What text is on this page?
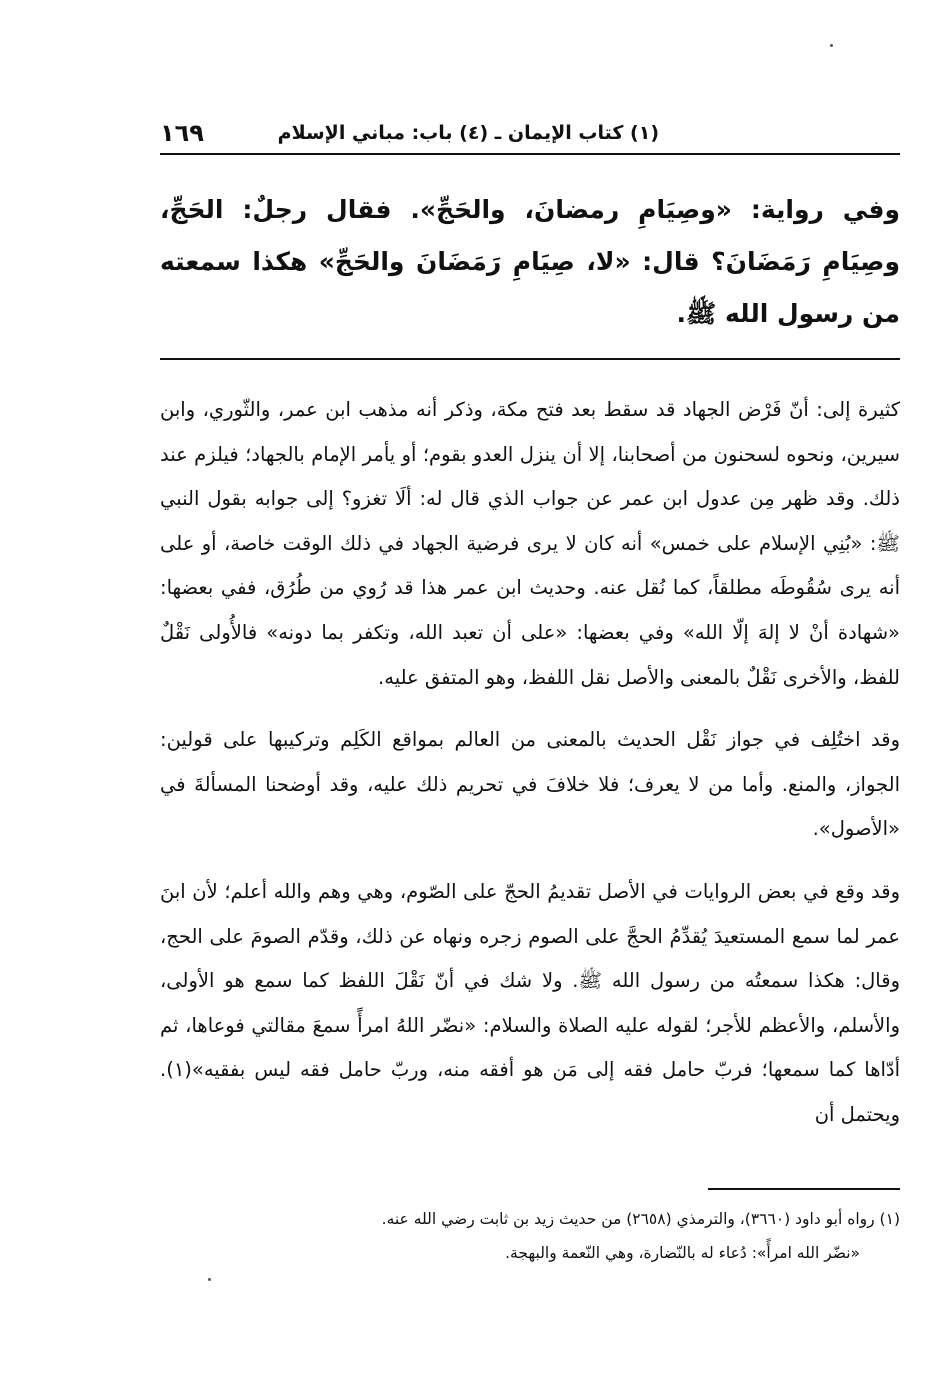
(١) كتاب الإيمان ـ (٤) باب: مباني الإسلام
١٦٩

وفي رواية: «وصِيَامِ رمضانَ، والحَجِّ». فقال رجلٌ: الحَجِّ، وصِيَامِ رَمَضَانَ؟ قال: «لا، صِيَامِ رَمَضَانَ والحَجِّ» هكذا سمعته من رسول الله ﷺ.

كثيرة إلى: أنّ فَرْض الجهاد قد سقط بعد فتح مكة، وذكر أنه مذهب ابن عمر، والثّوري، وابن سيرين، ونحوه لسحنون من أصحابنا، إلا أن ينزل العدو بقوم؛ أو يأمر الإمام بالجهاد؛ فيلزم عند ذلك. وقد ظهر مِن عدول ابن عمر عن جواب الذي قال له: ألَا تغزو؟ إلى جوابه بقول النبي ﷺ: «بُنِي الإسلام على خمس» أنه كان لا يرى فرضية الجهاد في ذلك الوقت خاصة، أو على أنه يرى سُقُوطَه مطلقاً، كما نُقل عنه. وحديث ابن عمر هذا قد رُوي من طُرُق، ففي بعضها: «شهادة أنْ لا إلهَ إلّا الله» وفي بعضها: «على أن تعبد الله، وتكفر بما دونه» فالأُولى نَقْلٌ للفظ، والأخرى نَقْلٌ بالمعنى والأصل نقل اللفظ، وهو المتفق عليه.

وقد اختُلِف في جواز نَقْل الحديث بالمعنى من العالم بمواقع الكَلِم وتركيبها على قولين: الجواز، والمنع. وأما من لا يعرف؛ فلا خلافَ في تحريم ذلك عليه، وقد أوضحنا المسألةَ في «الأصول».

وقد وقع في بعض الروايات في الأصل تقديمُ الحجّ على الصّوم، وهي وهم والله أعلم؛ لأن ابنَ عمر لما سمع المستعيدَ يُقدِّمُ الحجَّ على الصوم زجره ونهاه عن ذلك، وقدّم الصومَ على الحج، وقال: هكذا سمعتُه من رسول الله ﷺ. ولا شك في أنّ نَقْلَ اللفظ كما سمع هو الأولى، والأسلم، والأعظم للأجر؛ لقوله عليه الصلاة والسلام: «نضّر اللهُ امرأً سمعَ مقالتي فوعاها، ثم أدّاها كما سمعها؛ فربّ حامل فقه إلى مَن هو أفقه منه، وربّ حامل فقه ليس بفقيه»(١). ويحتمل أن

(١) رواه أبو داود (٣٦٦٠)، والترمذي (٢٦٥٨) من حديث زيد بن ثابت رضي الله عنه.

«نضّر الله امرأً»: دُعاء له بالنّضارة، وهي النّعمة والبهجة.
